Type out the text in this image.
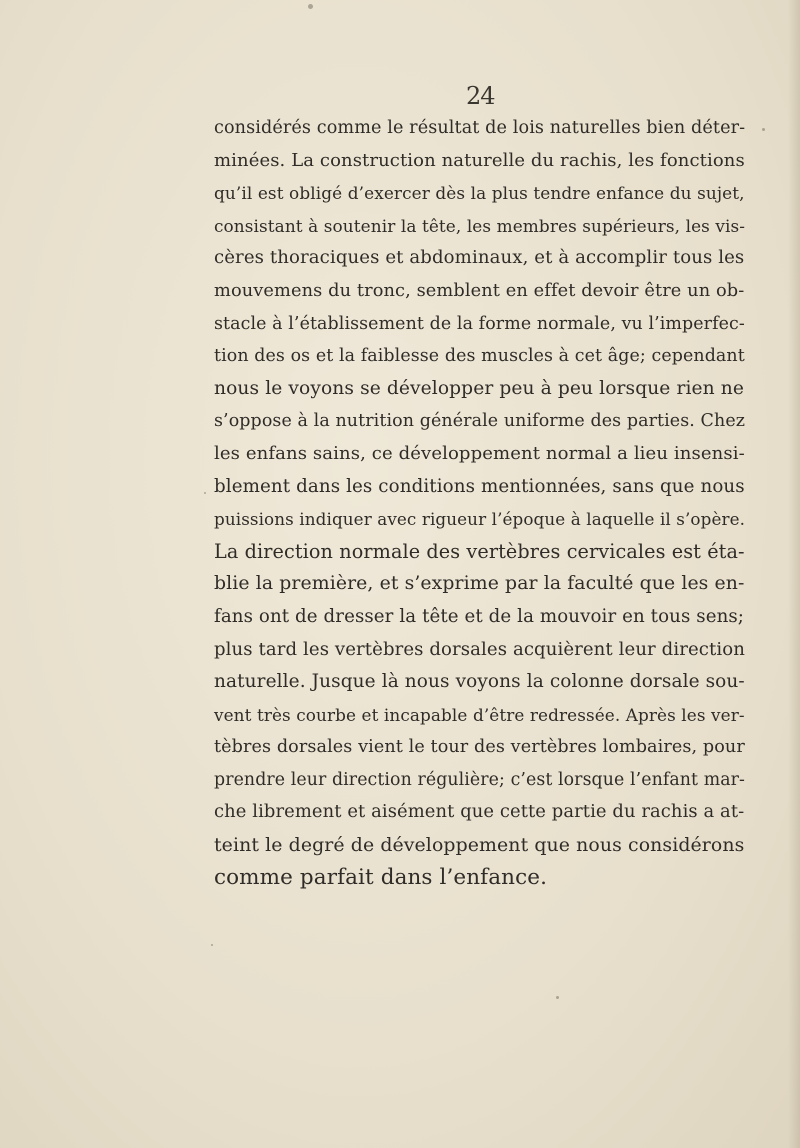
24
considérés comme le résultat de lois naturelles bien déter-
minées. La construction naturelle du rachis, les fonctions
qu’il est obligé d’exercer dès la plus tendre enfance du sujet,
consistant à soutenir la tête, les membres supérieurs, les vis-
cères thoraciques et abdominaux, et à accomplir tous les
mouvemens du tronc, semblent en effet devoir être un ob-
stacle à l’établissement de la forme normale, vu l’imperfec-
tion des os et la faiblesse des muscles à cet âge; cependant
nous le voyons se développer peu à peu lorsque rien ne
s’oppose à la nutrition générale uniforme des parties. Chez
les enfans sains, ce développement normal a lieu insensi-
blement dans les conditions mentionnées, sans que nous
puissions indiquer avec rigueur l’époque à laquelle il s’opère.
La direction normale des vertèbres cervicales est éta-
blie la première, et s’exprime par la faculté que les en-
fans ont de dresser la tête et de la mouvoir en tous sens;
plus tard les vertèbres dorsales acquièrent leur direction
naturelle. Jusque là nous voyons la colonne dorsale sou-
vent très courbe et incapable d’être redressée. Après les ver-
tèbres dorsales vient le tour des vertèbres lombaires, pour
prendre leur direction régulière; c’est lorsque l’enfant mar-
che librement et aisément que cette partie du rachis a at-
teint le degré de développement que nous considérons
comme parfait dans l’enfance.
